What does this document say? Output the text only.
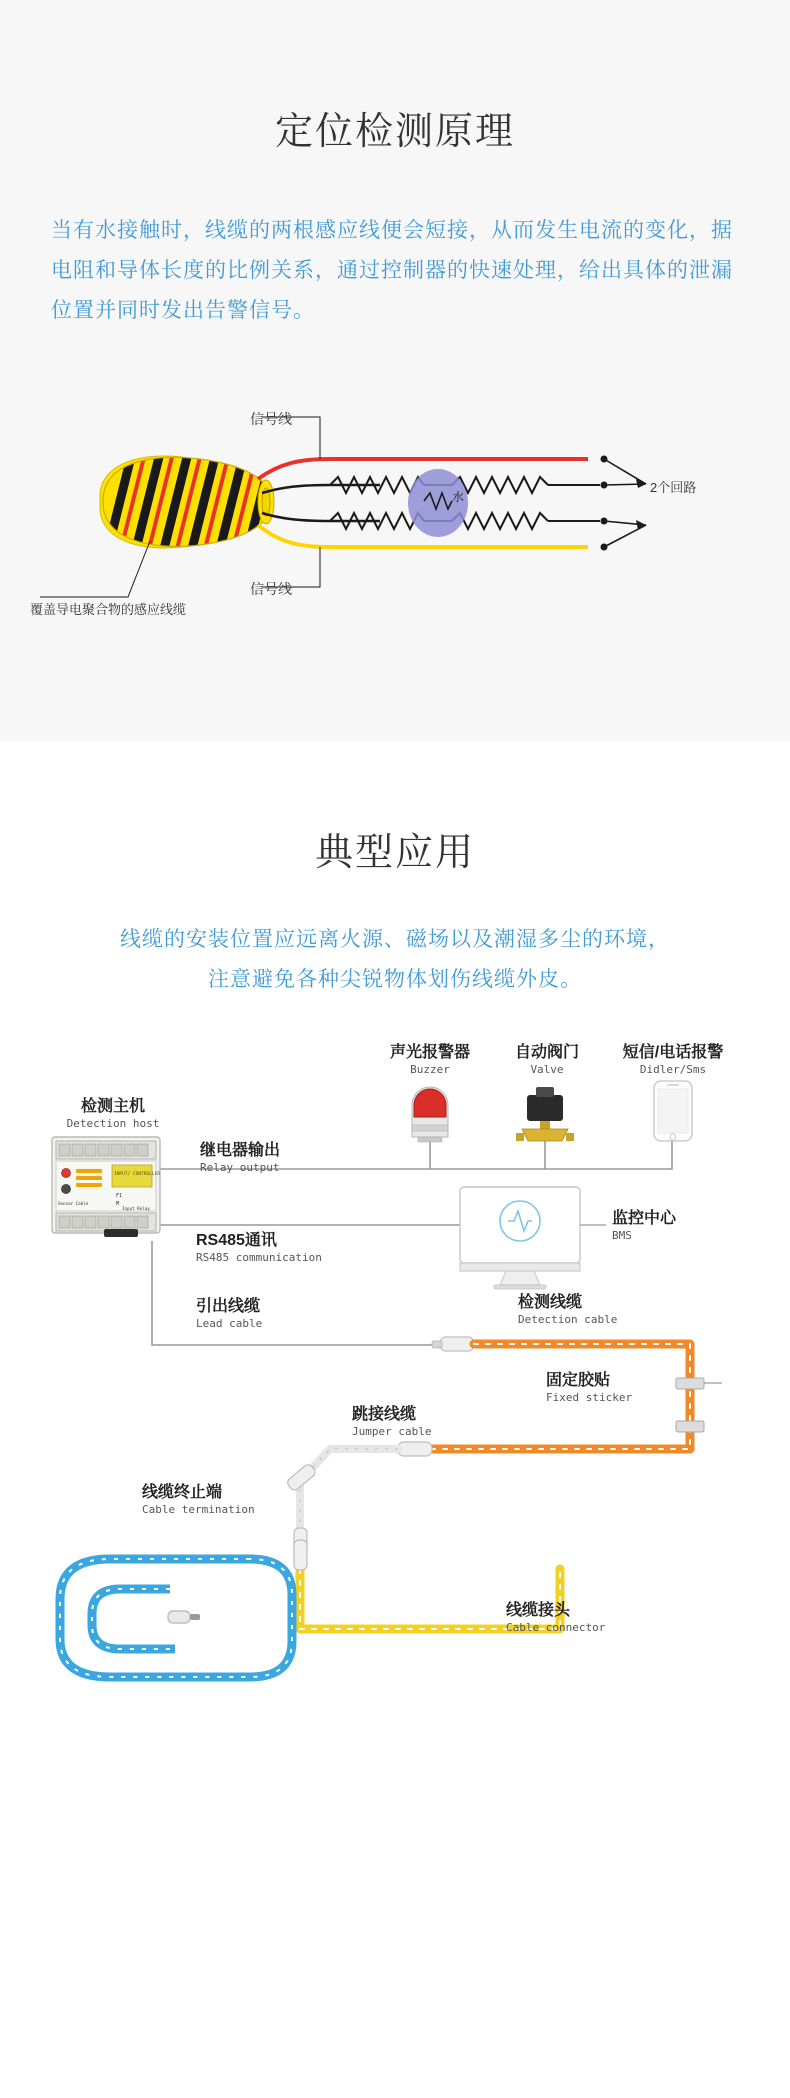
定位检测原理

当有水接触时，线缆的两根感应线便会短接，从而发生电流的变化，据电阻和导体长度的比例关系，通过控制器的快速处理，给出具体的泄漏位置并同时发出告警信号。

水
信号线
信号线
2个回路
覆盖导电聚合物的感应线缆
典型应用

线缆的安装位置应远离火源、磁场以及潮湿多尘的环境，
注意避免各种尖锐物体划伤线缆外皮。

INPUT/ CONTROLLER
F1
M
Sensor Cable
Input Relay
检测主机
Detection host
声光报警器
Buzzer
自动阀门
Valve
短信/电话报警
Didler/Sms
继电器输出
Relay output
RS485通讯
RS485 communication
监控中心
BMS
引出线缆
Lead cable
检测线缆
Detection cable
固定胶贴
Fixed sticker
跳接线缆
Jumper cable
线缆终止端
Cable termination
线缆接头
Cable connector
